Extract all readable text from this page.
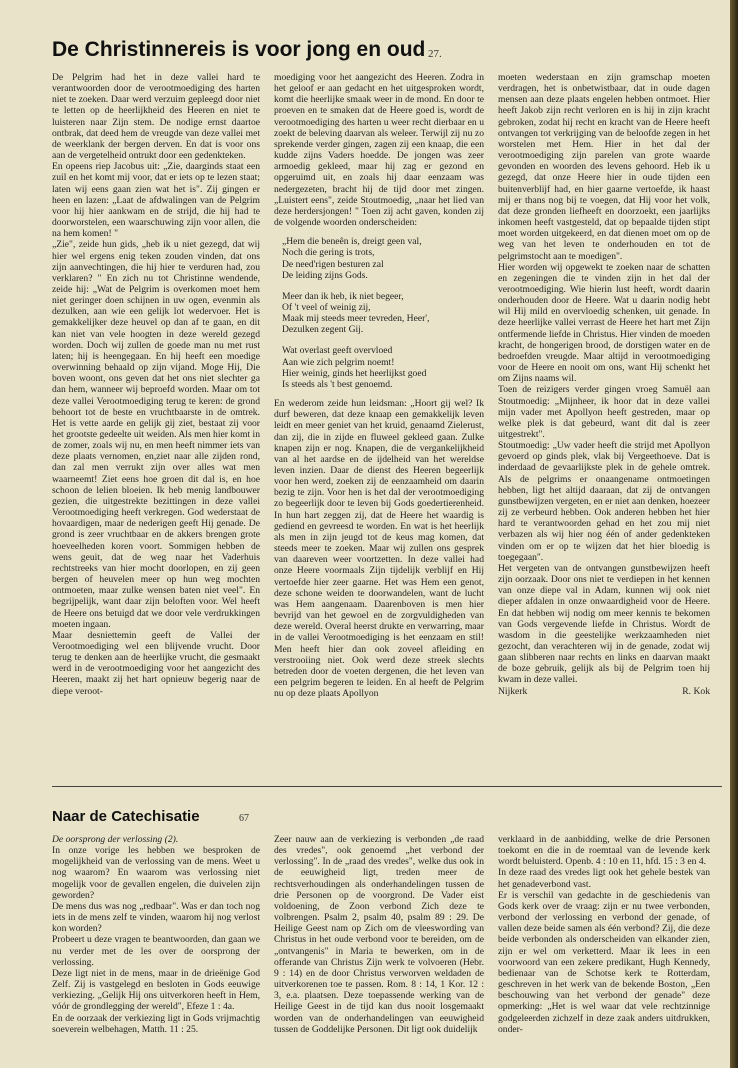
De Christinnereis is voor jong en oud 27.

De Pelgrim had het in deze vallei hard te verantwoorden door de verootmoediging des harten niet te zoeken. Daar werd verzuim gepleegd door niet te letten op de heerlijkheid des Heeren en niet te luisteren naar Zijn stem. De nodige ernst daartoe ontbrak, dat deed hem de vreugde van deze vallei met de weerklank der bergen derven. En dat is voor ons aan de vergetelheid ontrukt door een gedenkteken.

En opeens riep Jacobus uit: „Zie, daarginds staat een zuil en het komt mij voor, dat er iets op te lezen staat; laten wij eens gaan zien wat het is". Zij gingen er heen en lazen: „Laat de afdwalingen van de Pelgrim voor hij hier aankwam en de strijd, die hij had te doorworstelen, een waarschuwing zijn voor allen, die na hem komen! "

„Zie", zeide hun gids, „heb ik u niet gezegd, dat wij hier wel ergens enig teken zouden vinden, dat ons zijn aanvechtingen, die hij hier te verduren had, zou verklaren? " En zich nu tot Christinne wendende, zeide hij: „Wat de Pelgrim is overkomen moet hem niet geringer doen schijnen in uw ogen, evenmin als dezulken, aan wie een gelijk lot wedervoer. Het is gemakkelijker deze heuvel op dan af te gaan, en dit kan niet van vele hoogten in deze wereld gezegd worden. Doch wij zullen de goede man nu met rust laten; hij is heengegaan. En hij heeft een moedige overwinning behaald op zijn vijand. Moge Hij, Die boven woont, ons geven dat het ons niet slechter ga dan hem, wanneer wij beproefd worden. Maar om tot deze vallei Verootmoediging terug te keren: de grond behoort tot de beste en vruchtbaarste in de omtrek. Het is vette aarde en gelijk gij ziet, bestaat zij voor het grootste gedeelte uit weiden. Als men hier komt in de zomer, zoals wij nu, en men heeft nimmer iets van deze plaats vernomen, en,ziet naar alle zijden rond, dan zal men verrukt zijn over alles wat men waarneemt! Ziet eens hoe groen dit dal is, en hoe schoon de lelien bloeien. Ik heb menig landbouwer gezien, die uitgestrekte bezittingen in deze vallei Verootmoediging heeft verkregen. God wederstaat de hovaardigen, maar de nederigen geeft Hij genade. De grond is zeer vruchtbaar en de akkers brengen grote hoeveelheden koren voort. Sommigen hebben de wens geuit, dat de weg naar het Vaderhuis rechtstreeks van hier mocht doorlopen, en zij geen bergen of heuvelen meer op hun weg mochten ontmoeten, maar zulke wensen baten niet veel". En begrijpelijk, want daar zijn beloften voor. Wel heeft de Heere ons betuigd dat we door vele verdrukkingen moeten ingaan.

Maar desniettemin geeft de Vallei der Verootmoediging wel een blijvende vrucht. Door terug te denken aan de heerlijke vrucht, die gesmaakt werd in de verootmoediging voor het aangezicht des Heeren, maakt zij het hart opnieuw begerig naar de diepe veroot-

moediging voor het aangezicht des Heeren. Zodra in het geloof er aan gedacht en het uitgesproken wordt, komt die heerlijke smaak weer in de mond. En door te proeven en te smaken dat de Heere goed is, wordt de verootmoediging des harten u weer recht dierbaar en u zoekt de beleving daarvan als weleer. Terwijl zij nu zo sprekende verder gingen, zagen zij een knaap, die een kudde zijns Vaders hoedde. De jongen was zeer armoedig gekleed, maar hij zag er gezond en opgeruimd uit, en zoals hij daar eenzaam was nedergezeten, bracht hij de tijd door met zingen. „Luistert eens", zeide Stoutmoedig, „naar het lied van deze herdersjongen! " Toen zij acht gaven, konden zij de volgende woorden onderscheiden:

„Hem die beneên is, dreigt geen val,
Noch die gering is trots,
De need'rigen besturen zal
De leiding zijns Gods.
Meer dan ik heb, ik niet begeer,
Of 't veel of weinig zij,
Maak mij steeds meer tevreden, Heer',
Dezulken zegent Gij.
Wat overlast geeft overvloed
Aan wie zich pelgrim noemt!
Hier weinig, ginds het heerlijkst goed
Is steeds als 't best genoemd.

En wederom zeide hun leidsman: „Hoort gij wel? Ik durf beweren, dat deze knaap een gemakkelijk leven leidt en meer geniet van het kruid, genaamd Zielerust, dan zij, die in zijde en fluweel gekleed gaan. Zulke knapen zijn er nog. Knapen, die de vergankelijkheid van al het aardse en de ijdelheid van het wereldse leven inzien. Daar de dienst des Heeren begeerlijk voor hen werd, zoeken zij de eenzaamheid om daarin bezig te zijn. Voor hen is het dal der verootmoediging zo begeerlijk door te leven bij Gods goedertierenheid. In hun hart zeggen zij, dat de Heere het waardig is gediend en gevreesd te worden. En wat is het heerlijk als men in zijn jeugd tot de keus mag komen, dat steeds meer te zoeken. Maar wij zullen ons gesprek van daareven weer voortzetten. In deze vallei had onze Heere voormaals Zijn tijdelijk verblijf en Hij vertoefde hier zeer gaarne. Het was Hem een genot, deze schone weiden te doorwandelen, want de lucht was Hem aangenaam. Daarenboven is men hier bevrijd van het gewoel en de zorgvuldigheden van deze wereld. Overal heerst drukte en verwarring, maar in de vallei Verootmoediging is het eenzaam en stil! Men heeft hier dan ook zoveel afleiding en verstrooiing niet. Ook werd deze streek slechts betreden door de voeten dergenen, die het leven van een pelgrim begeren te leiden. En al heeft de Pelgrim nu op deze plaats Apollyon

moeten wederstaan en zijn gramschap moeten verdragen, het is onbetwistbaar, dat in oude dagen mensen aan deze plaats engelen hebben ontmoet. Hier heeft Jakob zijn recht verloren en is hij in zijn kracht gebroken, zodat hij recht en kracht van de Heere heeft ontvangen tot verkrijging van de beloofde zegen in het worstelen met Hem. Hier in het dal der verootmoediging zijn parelen van grote waarde gevonden en woorden des levens gehoord. Heb ik u gezegd, dat onze Heere hier in oude tijden een buitenverblijf had, en hier gaarne vertoefde, ik haast mij er thans nog bij te voegen, dat Hij voor het volk, dat deze gronden liefheeft en doorzoekt, een jaarlijks inkomen heeft vastgesteld, dat op bepaalde tijden stipt moet worden uitgekeerd, en dat dienen moet om op de weg van het leven te onderhouden en tot de pelgrimstocht aan te moedigen".

Hier worden wij opgewekt te zoeken naar de schatten en zegeningen die te vinden zijn in het dal der verootmoediging. Wie hierin lust heeft, wordt daarin onderhouden door de Heere. Wat u daarin nodig hebt wil Hij mild en overvloedig schenken, uit genade. In deze heerlijke vallei verrast de Heere het hart met Zijn ontfermende liefde in Christus. Hier vinden de moeden kracht, de hongerigen brood, de dorstigen water en de bedroefden vreugde. Maar altijd in verootmoediging voor de Heere en nooit om ons, want Hij schenkt het om Zijns naams wil.

Toen de reizigers verder gingen vroeg Samuël aan Stoutmoedig: „Mijnheer, ik hoor dat in deze vallei mijn vader met Apollyon heeft gestreden, maar op welke plek is dat gebeurd, want dit dal is zeer uitgestrekt".

Stoutmoedig: „Uw vader heeft die strijd met Apollyon gevoerd op ginds plek, vlak bij Vergeethoeve. Dat is inderdaad de gevaarlijkste plek in de gehele omtrek. Als de pelgrims er onaangename ontmoetingen hebben, ligt het altijd daaraan, dat zij de ontvangen gunstbewijzen vergeten, en er niet aan denken, hoezeer zij ze verbeurd hebben. Ook anderen hebben het hier hard te verantwoorden gehad en het zou mij niet verbazen als wij hier nog één of ander gedenkteken vinden om er op te wijzen dat het hier bloedig is toegegaan".

Het vergeten van de ontvangen gunstbewijzen heeft zijn oorzaak. Door ons niet te verdiepen in het kennen van onze diepe val in Adam, kunnen wij ook niet dieper afdalen in onze onwaardigheid voor de Heere. En dat hebben wij nodig om meer kennis te bekomen van Gods vergevende liefde in Christus. Wordt de wasdom in die geestelijke werkzaamheden niet gezocht, dan verachteren wij in de genade, zodat wij gaan slibberen naar rechts en links en daarvan maakt de boze gebruik, gelijk als bij de Pelgrim toen hij kwam in deze vallei.

Nijkerk	R. Kok
Naar de Catechisatie	67

De oorsprong der verlossing (2).

In onze vorige les hebben we besproken de mogelijkheid van de verlossing van de mens. Weet u nog waarom? En waarom was verlossing niet mogelijk voor de gevallen engelen, die duivelen zijn geworden?

De mens dus was nog „redbaar". Was er dan toch nog iets in de mens zelf te vinden, waarom hij nog verlost kon worden?

Probeert u deze vragen te beantwoorden, dan gaan we nu verder met de les over de oorsprong der verlossing.

Deze ligt niet in de mens, maar in de drieënige God Zelf. Zij is vastgelegd en besloten in Gods eeuwige verkiezing. „Gelijk Hij ons uitverkoren heeft in Hem, vóór de grondlegging der wereld", Efeze 1 : 4a.

En de oorzaak der verkiezing ligt in Gods vrijmachtig soeverein welbehagen, Matth. 11 : 25.

Zeer nauw aan de verkiezing is verbonden „de raad des vredes", ook genoemd „het verbond der verlossing". In de „raad des vredes", welke dus ook in de eeuwigheid ligt, treden meer de rechtsverhoudingen als onderhandelingen tussen de drie Personen op de voorgrond. De Vader eist voldoening, de Zoon verbond Zich deze te volbrengen. Psalm 2, psalm 40, psalm 89 : 29. De Heilige Geest nam op Zich om de vleeswording van Christus in het oude verbond voor te bereiden, om de „ontvangenis" in Maria te bewerken, om in de offerande van Christus Zijn werk te volvoeren (Hebr. 9 : 14) en de door Christus verworven weldaden de uitverkorenen toe te passen. Rom. 8 : 14, 1 Kor. 12 : 3, e.a. plaatsen. Deze toepassende werking van de Heilige Geest in de tijd kan dus nooit losgemaakt worden van de onderhandelingen van eeuwigheid tussen de Goddelijke Personen. Dit ligt ook duidelijk

verklaard in de aanbidding, welke de drie Personen toekomt en die in de roemtaal van de levende kerk wordt beluisterd. Openb. 4 : 10 en 11, hfd. 15 : 3 en 4.

In deze raad des vredes ligt ook het gehele bestek van het genadeverbond vast.

Er is verschil van gedachte in de geschiedenis van Gods kerk over de vraag: zijn er nu twee verbonden, verbond der verlossing en verbond der genade, of vallen deze beide samen als één verbond? Zij, die deze beide verbonden als onderscheiden van elkander zien, zijn er wel om verketterd. Maar ik lees in een voorwoord van een zekere predikant, Hugh Kennedy, bedienaar van de Schotse kerk te Rotterdam, geschreven in het werk van de bekende Boston, „Een beschouwing van het verbond der genade" deze opmerking: „Het is wel waar dat vele rechtzinnige godgeleerden zichzelf in deze zaak anders uitdrukken, onder-
